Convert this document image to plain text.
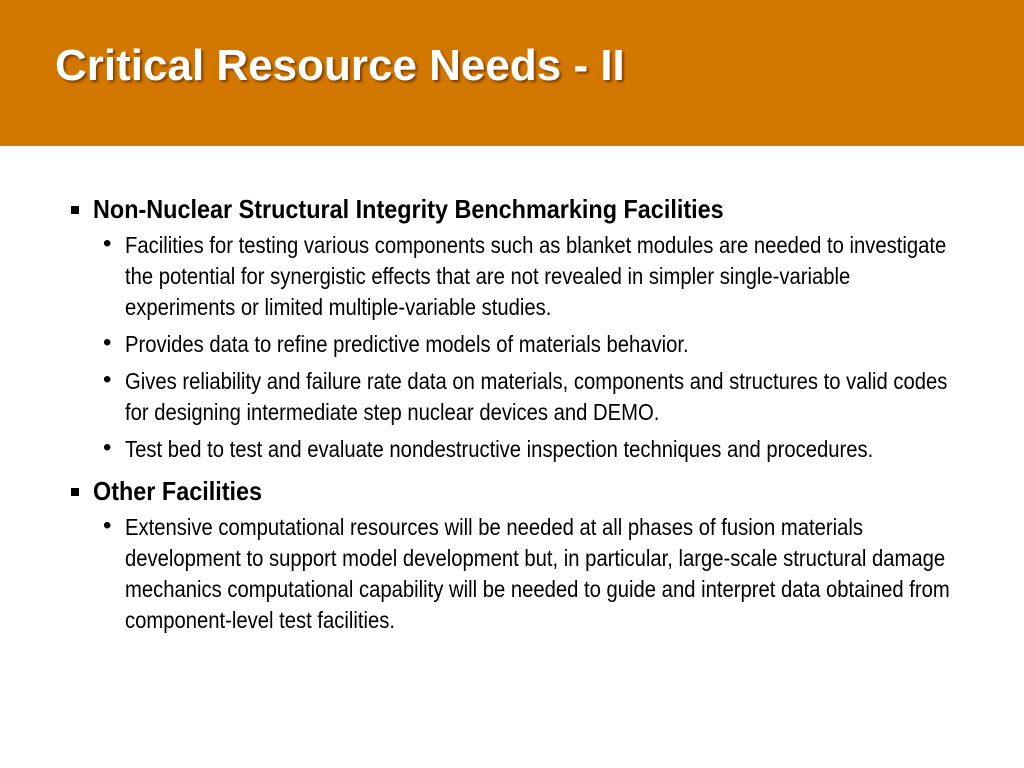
Critical Resource Needs - II

Non-Nuclear Structural Integrity Benchmarking Facilities

• Facilities for testing various components such as blanket modules are needed to investigate the potential for synergistic effects that are not revealed in simpler single-variable experiments or limited multiple-variable studies.
• Provides data to refine predictive models of materials behavior.
• Gives reliability and failure rate data on materials, components and structures to valid codes for designing intermediate step nuclear devices and DEMO.
• Test bed to test and evaluate nondestructive inspection techniques and procedures.

Other Facilities

• Extensive computational resources will be needed at all phases of fusion materials development to support model development but, in particular, large-scale structural damage mechanics computational capability will be needed to guide and interpret data obtained from component-level test facilities.
